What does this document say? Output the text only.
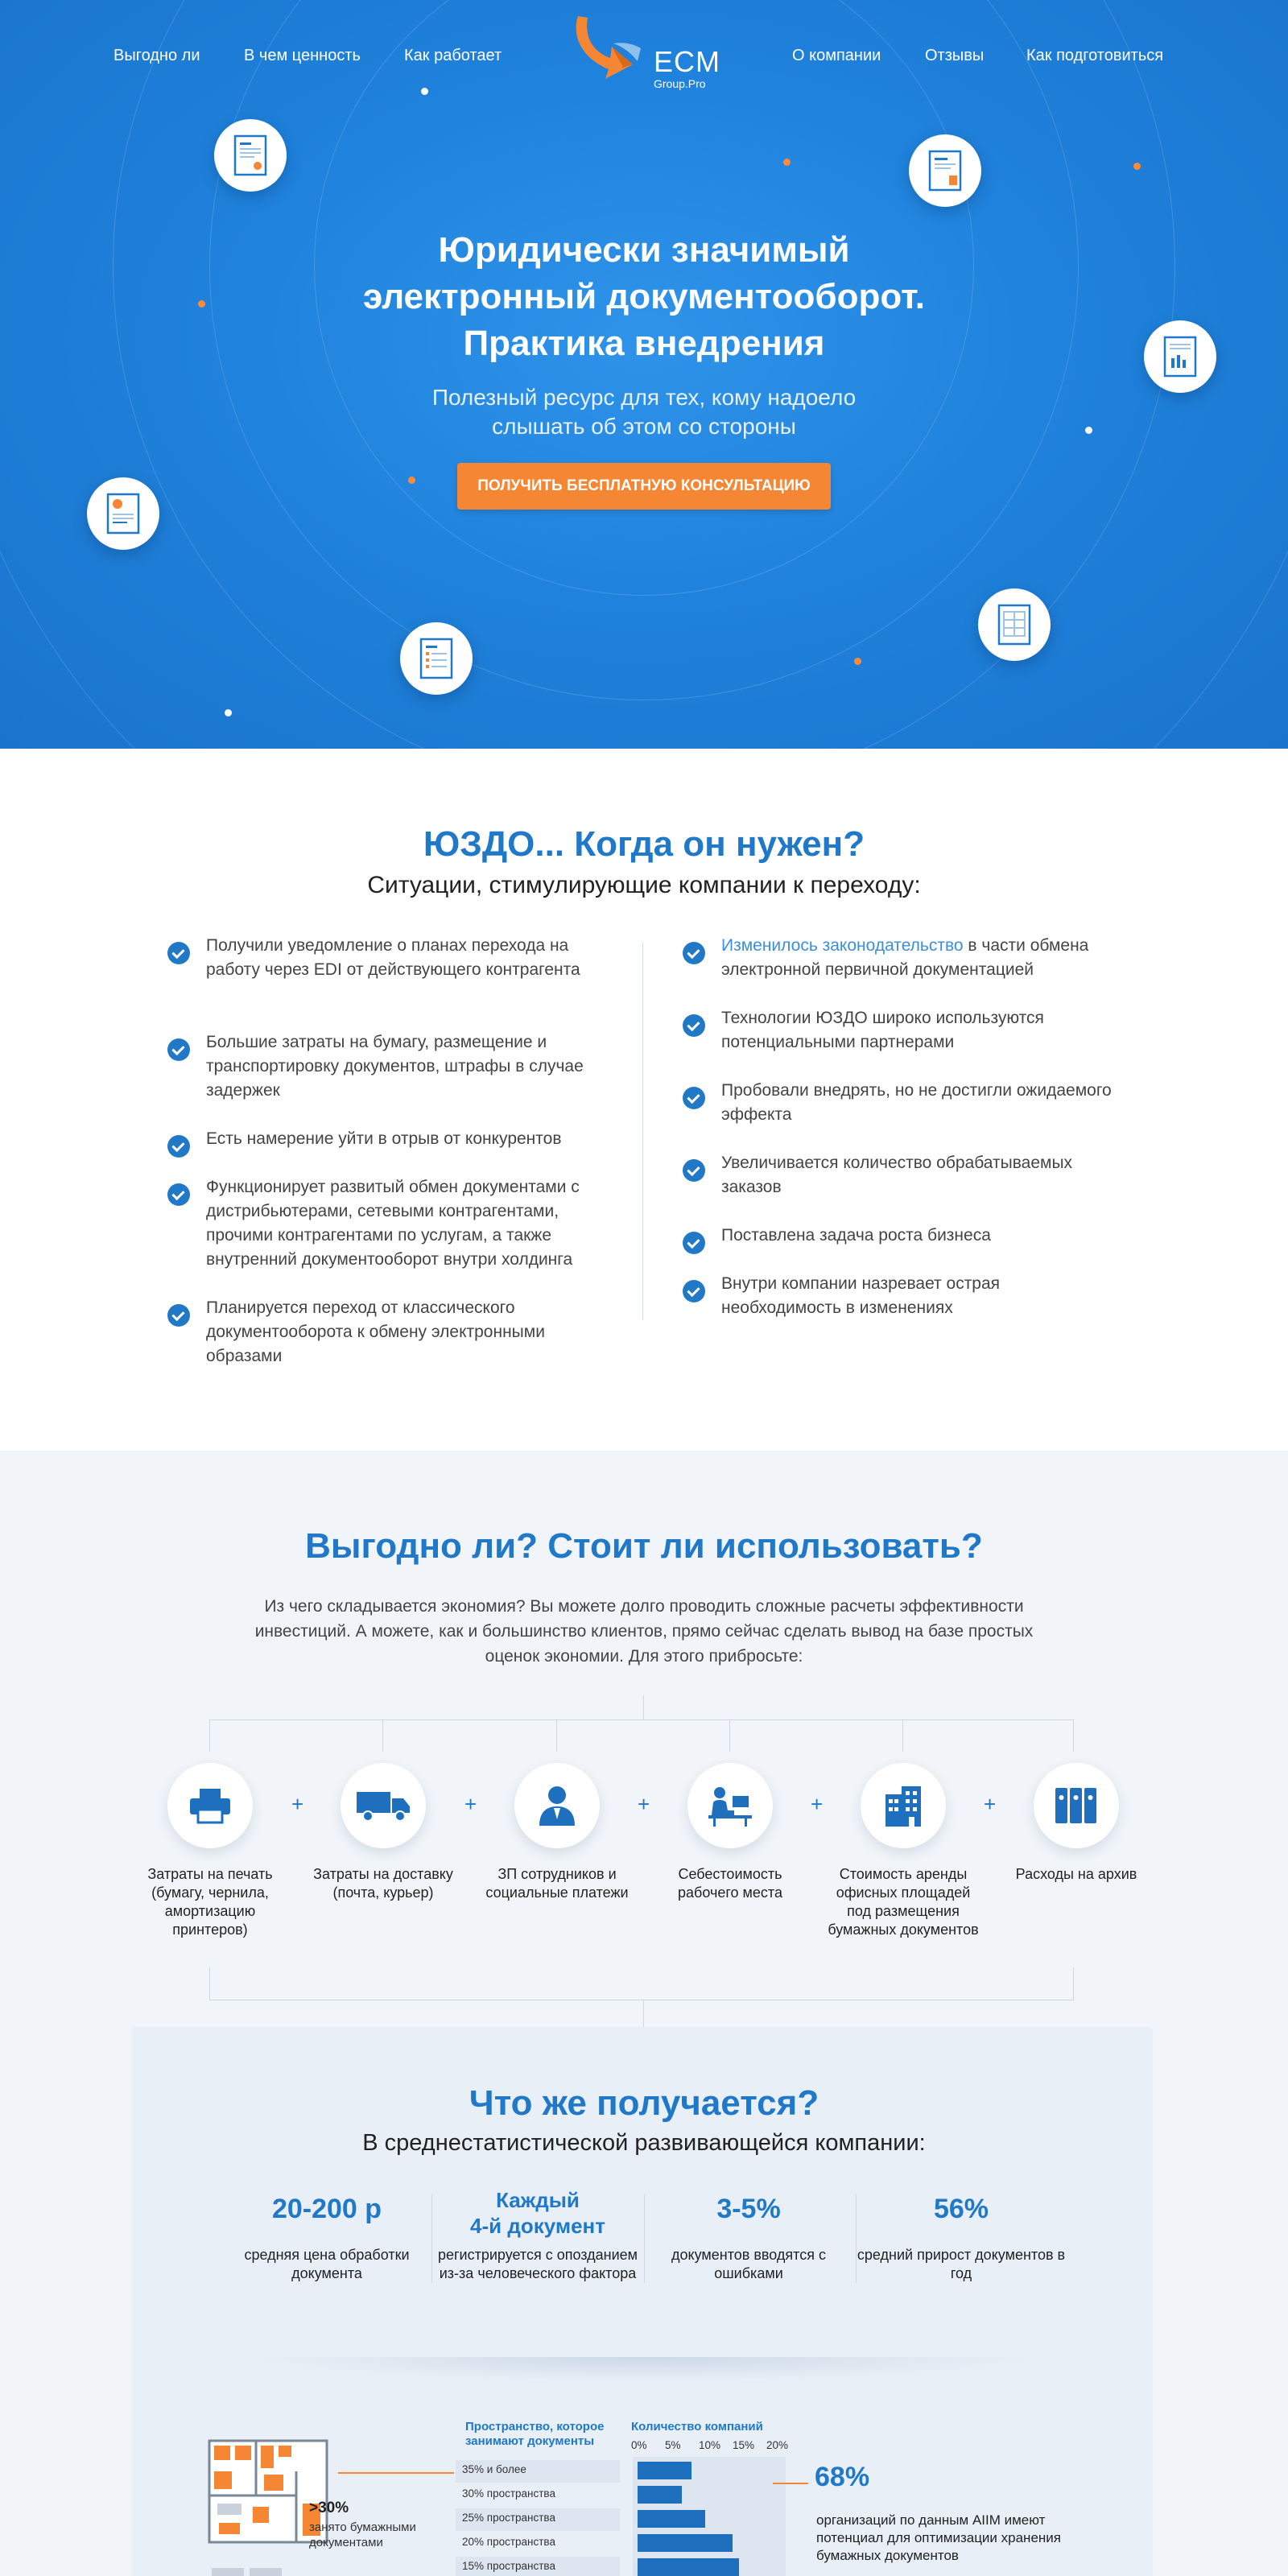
Выгодно ли	В чем ценность	Как работает	О компании	Отзывы	Как подготовиться
ECM
Group.Pro
Юридически значимый
электронный документооборот.
Практика внедрения
Полезный ресурс для тех, кому надоело
слышать об этом со стороны
ПОЛУЧИТЬ БЕСПЛАТНУЮ КОНСУЛЬТАЦИЮ
ЮЗДО... Когда он нужен?
Ситуации, стимулирующие компании к переходу:
Получили уведомление о планах перехода на работу через EDI от действующего контрагента
Большие затраты на бумагу, размещение и транспортировку документов, штрафы в случае задержек
Есть намерение уйти в отрыв от конкурентов
Функционирует развитый обмен документами с дистрибьютерами, сетевыми контрагентами, прочими контрагентами по услугам, а также внутренний документооборот внутри холдинга
Планируется переход от классического документооборота к обмену электронными образами
Изменилось законодательство в части обмена электронной первичной документацией
Технологии ЮЗДО широко используются потенциальными партнерами
Пробовали внедрять, но не достигли ожидаемого эффекта
Увеличивается количество обрабатываемых заказов
Поставлена задача роста бизнеса
Внутри компании назревает острая необходимость в изменениях
Выгодно ли? Стоит ли использовать?

Из чего складывается экономия? Вы можете долго проводить сложные расчеты эффективности инвестиций. А можете, как и большинство клиентов, прямо сейчас сделать вывод на базе простых оценок экономии. Для этого прибросьте:

+	+	+	+	+
Затраты на печать (бумагу, чернила, амортизацию принтеров)
Затраты на доставку (почта, курьер)
ЗП сотрудников и социальные платежи
Себестоимость рабочего места
Стоимость аренды офисных площадей под размещения бумажных документов
Расходы на архив
Что же получается?
В среднестатистической развивающейся компании:
20-200 р
средняя цена обработки документа
Каждый
4-й документ
регистрируется с опозданием из-за человеческого фактора
3-5%
документов вводятся с ошибками
56%
средний прирост документов в год
>30%
занято бумажными документами
Пространство, которое занимают документы
Количество компаний
0% 5% 10% 15% 20%
35% и более
30% пространства
25% пространства
20% пространства
15% пространства
68%
организаций по данным AIIM имеют потенциал для оптимизации хранения бумажных документов
